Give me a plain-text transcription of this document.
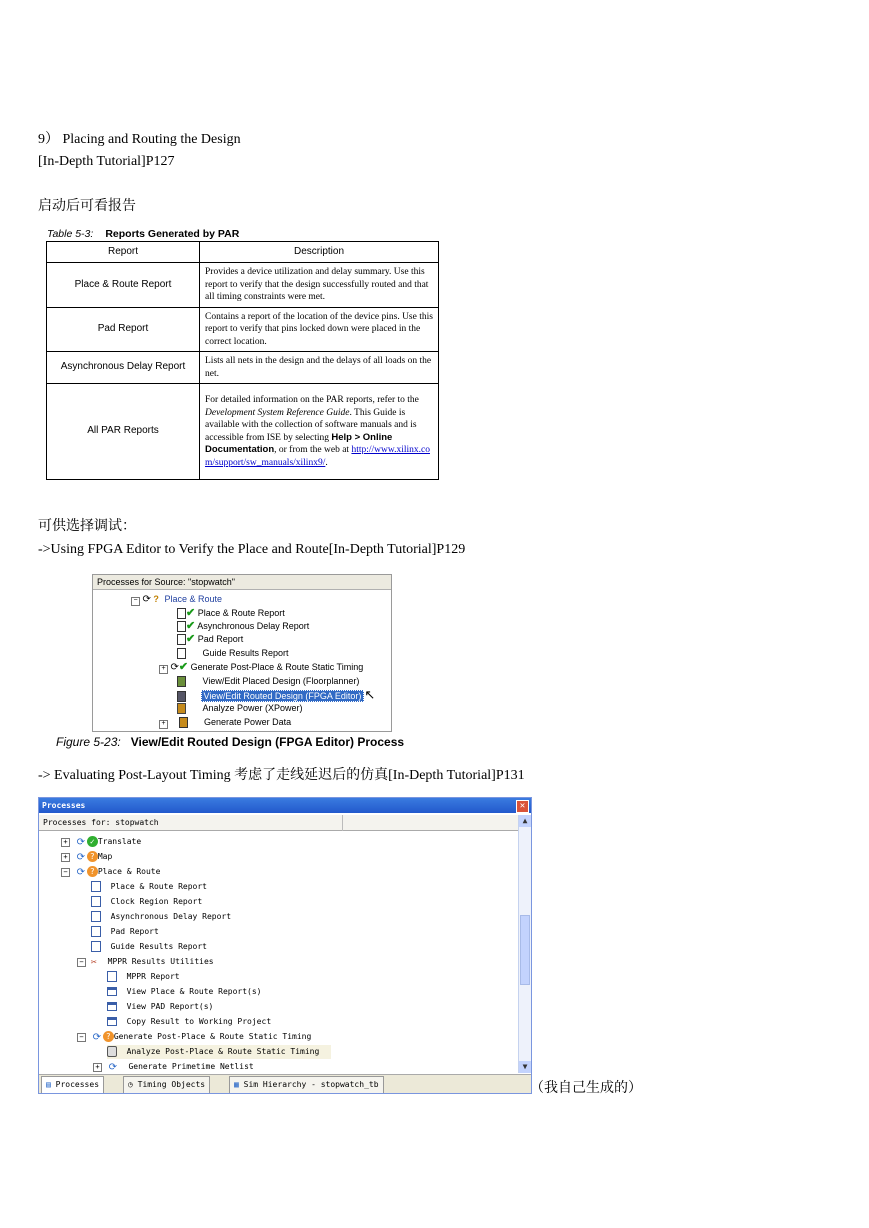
9） Placing and Routing the Design
[In-Depth Tutorial]P127
启动后可看报告
Table 5-3: Reports Generated by PAR
Report	Description
Place & Route Report	Provides a device utilization and delay summary. Use this report to verify that the design successfully routed and that all timing constraints were met.
Pad Report	Contains a report of the location of the device pins. Use this report to verify that pins locked down were placed in the correct location.
Asynchronous Delay Report	Lists all nets in the design and the delays of all loads on the net.
All PAR Reports	For detailed information on the PAR reports, refer to the Development System Reference Guide. This Guide is available with the collection of software manuals and is accessible from ISE by selecting Help > Online Documentation, or from the web at http://www.xilinx.com/support/sw_manuals/xilinx9/.
可供选择调试：
->Using FPGA Editor to Verify the Place and Route[In-Depth Tutorial]P129
Processes for Source: "stopwatch"
− ⟳ ? Place & Route
✔ Place & Route Report
✔ Asynchronous Delay Report
✔ Pad Report
Guide Results Report
+ ⟳✔ Generate Post-Place & Route Static Timing
View/Edit Placed Design (Floorplanner)
View/Edit Routed Design (FPGA Editor) ↖
Analyze Power (XPower)
+	Generate Power Data
Figure 5-23: View/Edit Routed Design (FPGA Editor) Process
-> Evaluating Post-Layout Timing 考虑了走线延迟后的仿真[In-Depth Tutorial]P131
Processes	✕
Processes for: stopwatch	▲
▼
+ ⟳ ✓ Translate
+ ⟳ ? Map
− ⟳ ? Place & Route
Place & Route Report
Clock Region Report
Asynchronous Delay Report
Pad Report
Guide Results Report
− ✂ MPPR Results Utilities
MPPR Report
View Place & Route Report(s)
View PAD Report(s)
Copy Result to Working Project
− ⟳ ? Generate Post-Place & Route Static Timing
Analyze Post-Place & Route Static Timing
+ ⟳ Generate Primetime Netlist
▤ Processes	◷ Timing Objects	▦ Sim Hierarchy - stopwatch_tb	（我自己生成的）
